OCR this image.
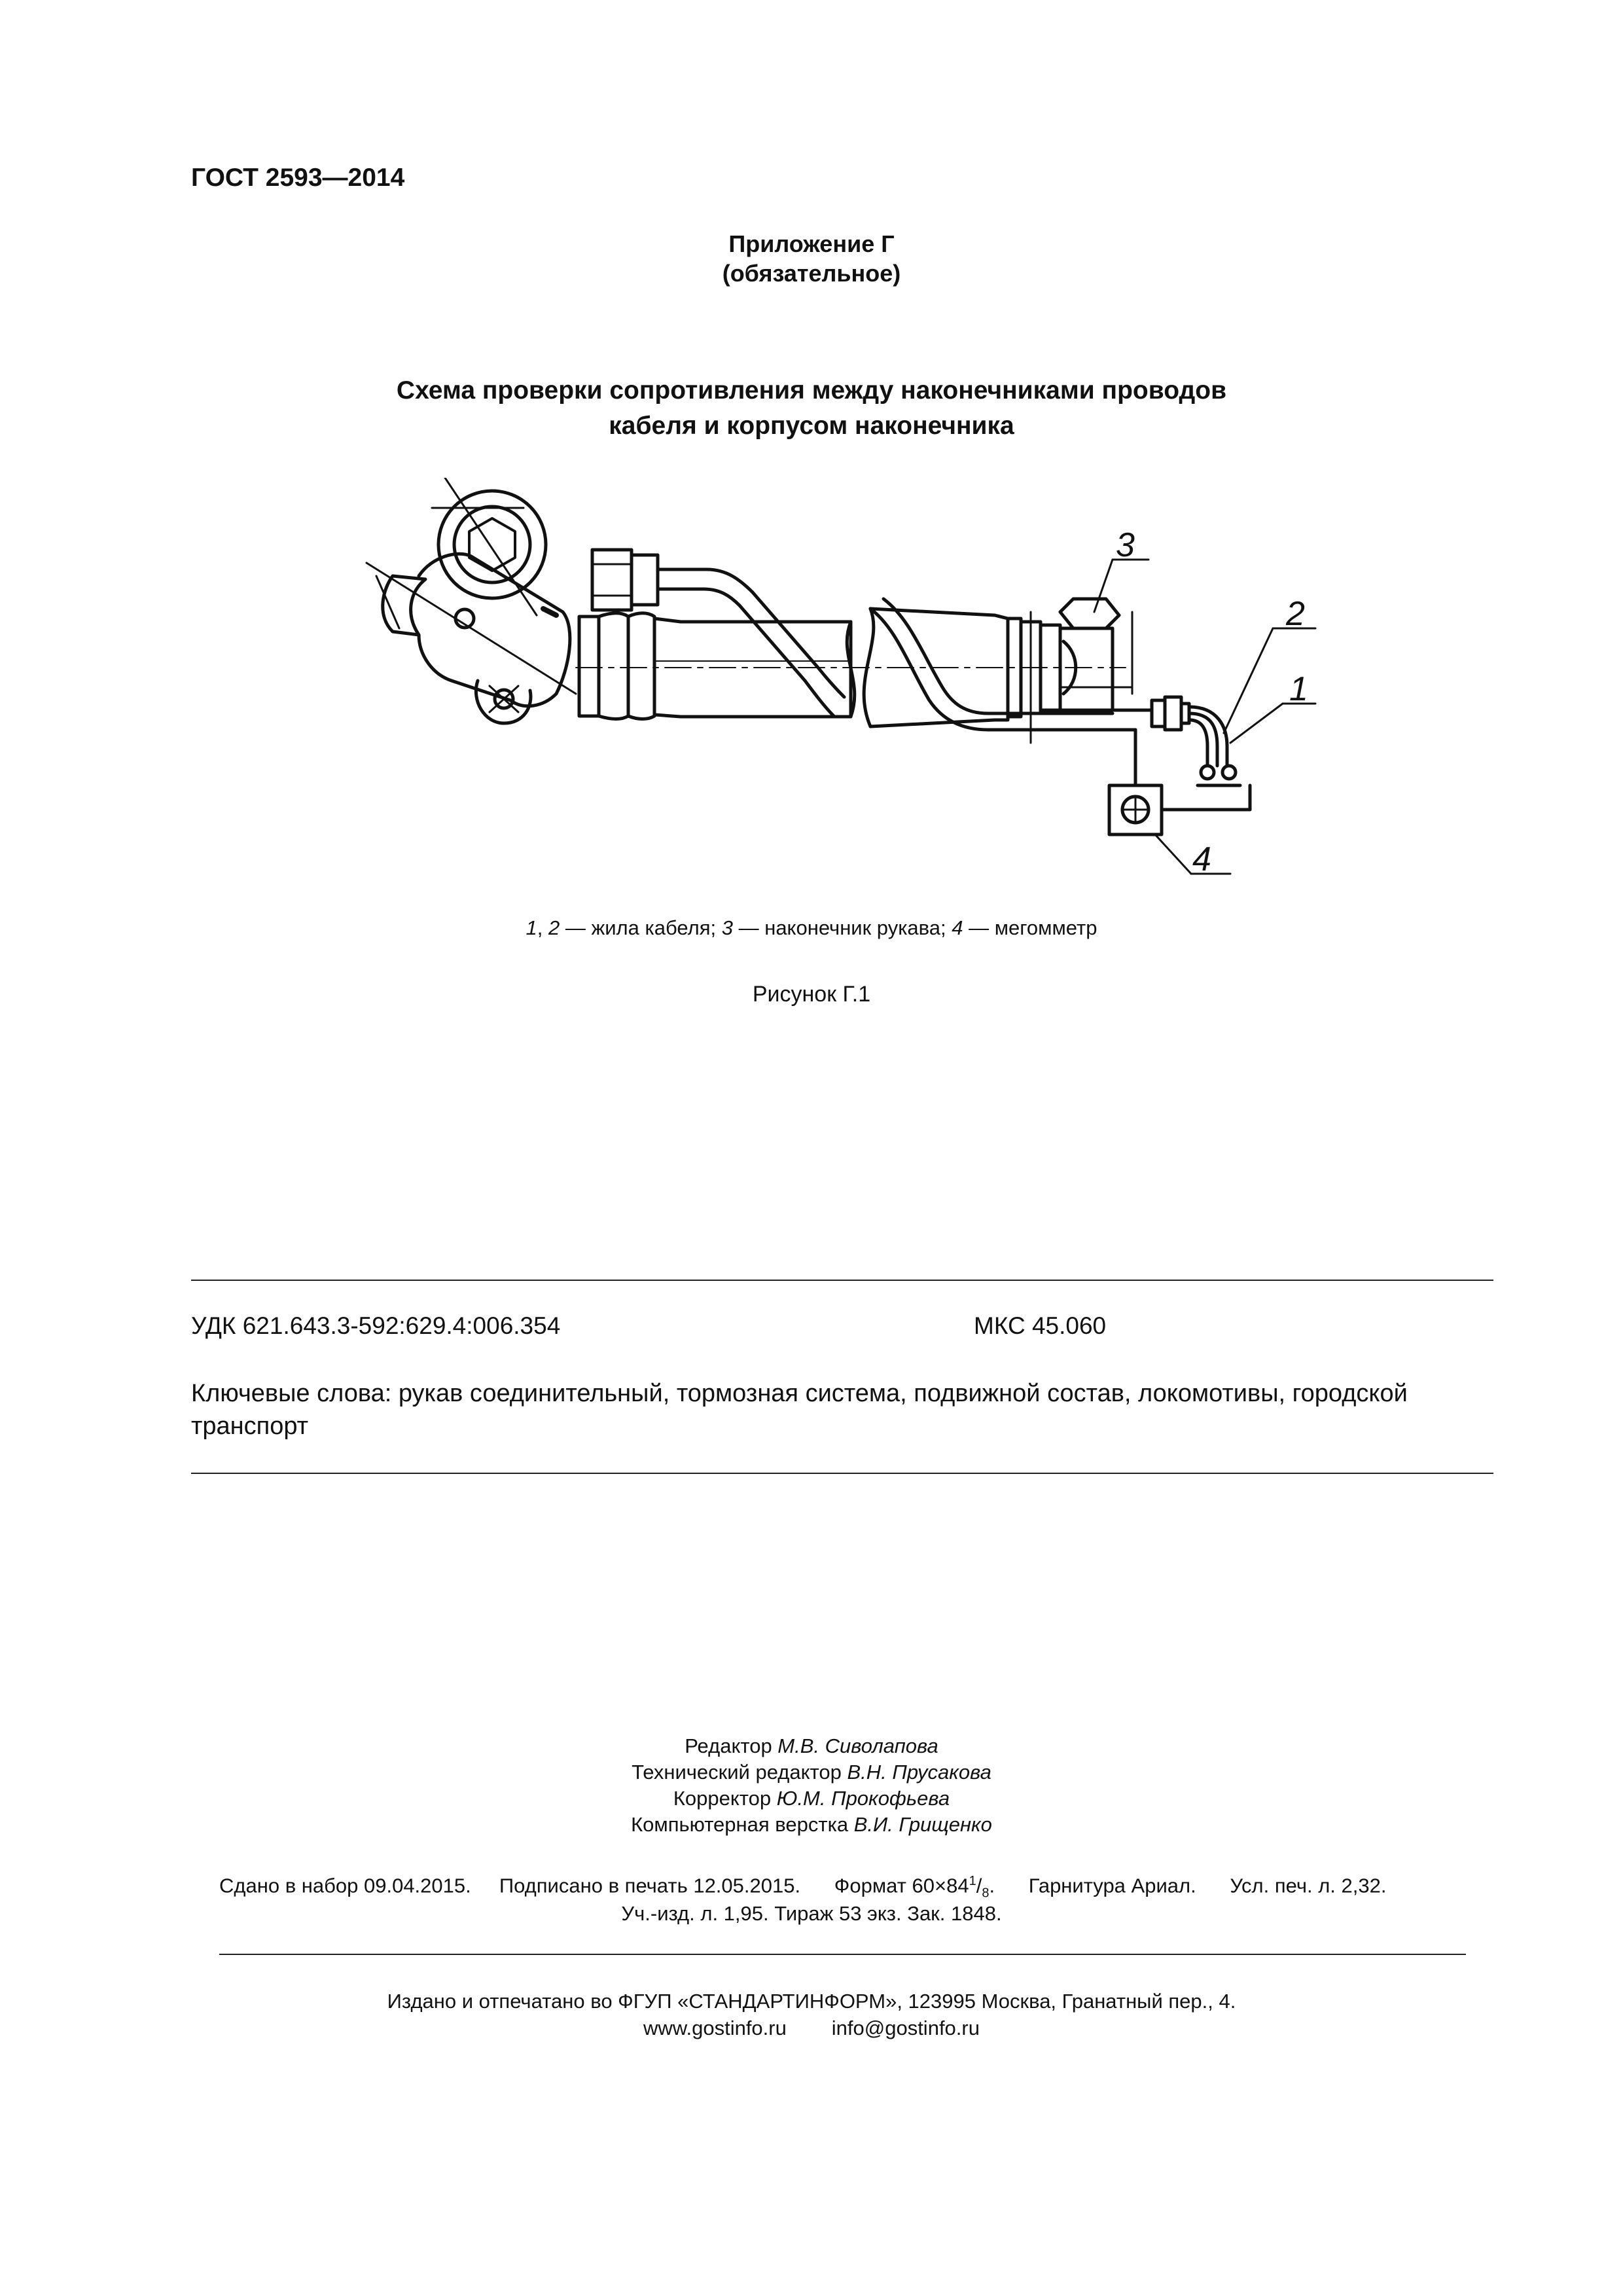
ГОСТ 2593—2014
Приложение Г
(обязательное)
Схема проверки сопротивления между наконечниками проводов
кабеля и корпусом наконечника
3
2
1
4
1, 2 — жила кабеля; 3 — наконечник рукава; 4 — мегомметр
Рисунок Г.1
УДК 621.643.3-592:629.4:006.354	МКС 45.060
Ключевые слова: рукав соединительный, тормозная система, подвижной состав, локомотивы, городской транспорт
Редактор М.В. Сиволапова
Технический редактор В.Н. Прусакова
Корректор Ю.М. Прокофьева
Компьютерная верстка В.И. Грищенко
Сдано в набор 09.04.2015. Подписано в печать 12.05.2015. Формат $60\times 84^1/_8$. Гарнитура Ариал. Усл. печ. л. 2,32.
Уч.-изд. л. 1,95. Тираж 53 экз. Зак. 1848.
Издано и отпечатано во ФГУП «СТАНДАРТИНФОРМ», 123995 Москва, Гранатный пер., 4.
www.gostinfo.ru info@gostinfo.ru
